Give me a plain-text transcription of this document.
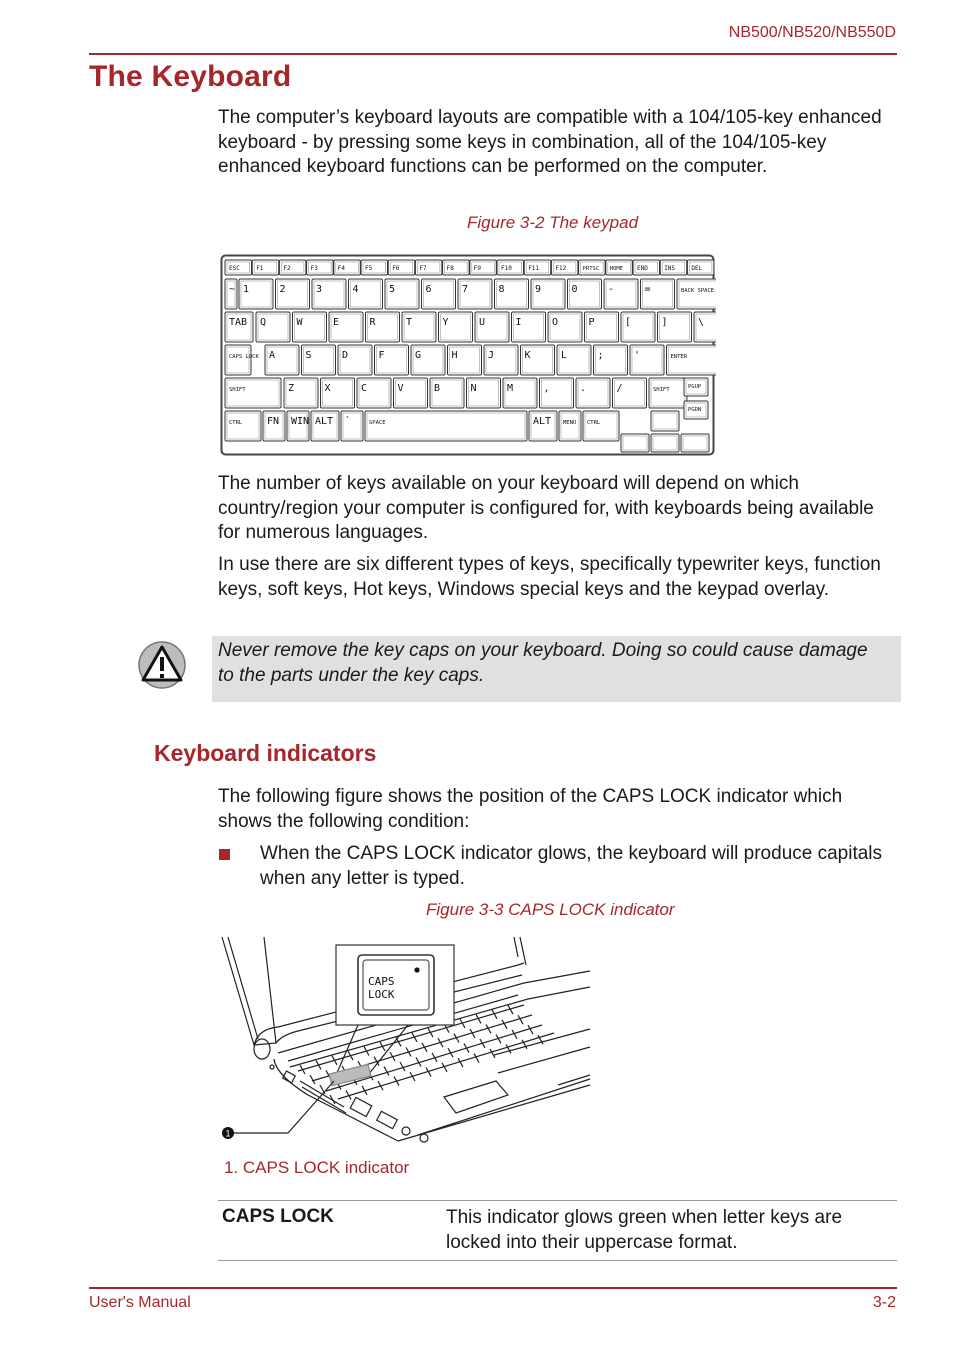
NB500/NB520/NB550D
The Keyboard
The computer’s keyboard layouts are compatible with a 104/105-key enhanced keyboard - by pressing some keys in combination, all of the 104/105-key enhanced keyboard functions can be performed on the computer.
Figure 3-2 The keypad
ESC	F1	F2	F3	F4	F5	F6	F7	F8	F9	F10	F11	F12	PRTSC HOME END	INS	DEL
~ 1	2	3	4	5	6	7	8	9	0	-	=	BACK SPACE
TAB Q	W	E	R	T	Y	U	I	O	P	[	]	\
CAPS LOCK A	S	D	F	G	H	J	K	L	;	'	ENTER
SHIFT	Z	X	C	V	B	N	M	,	.	/	SHIFT	PGUP
CTRL FN WIN ALT `	SPACE	ALT MENU CTRL
PGDN
The number of keys available on your keyboard will depend on which country/region your computer is configured for, with keyboards being available for numerous languages.
In use there are six different types of keys, specifically typewriter keys, function keys, soft keys, Hot keys, Windows special keys and the keypad overlay.
Never remove the key caps on your keyboard. Doing so could cause damage to the parts under the key caps.
Keyboard indicators
The following figure shows the position of the CAPS LOCK indicator which shows the following condition:
When the CAPS LOCK indicator glows, the keyboard will produce capitals when any letter is typed.
Figure 3-3 CAPS LOCK indicator
CAPS
LOCK
1
1. CAPS LOCK indicator
CAPS LOCK	This indicator glows green when letter keys are locked into their uppercase format.
User's Manual	3-2
